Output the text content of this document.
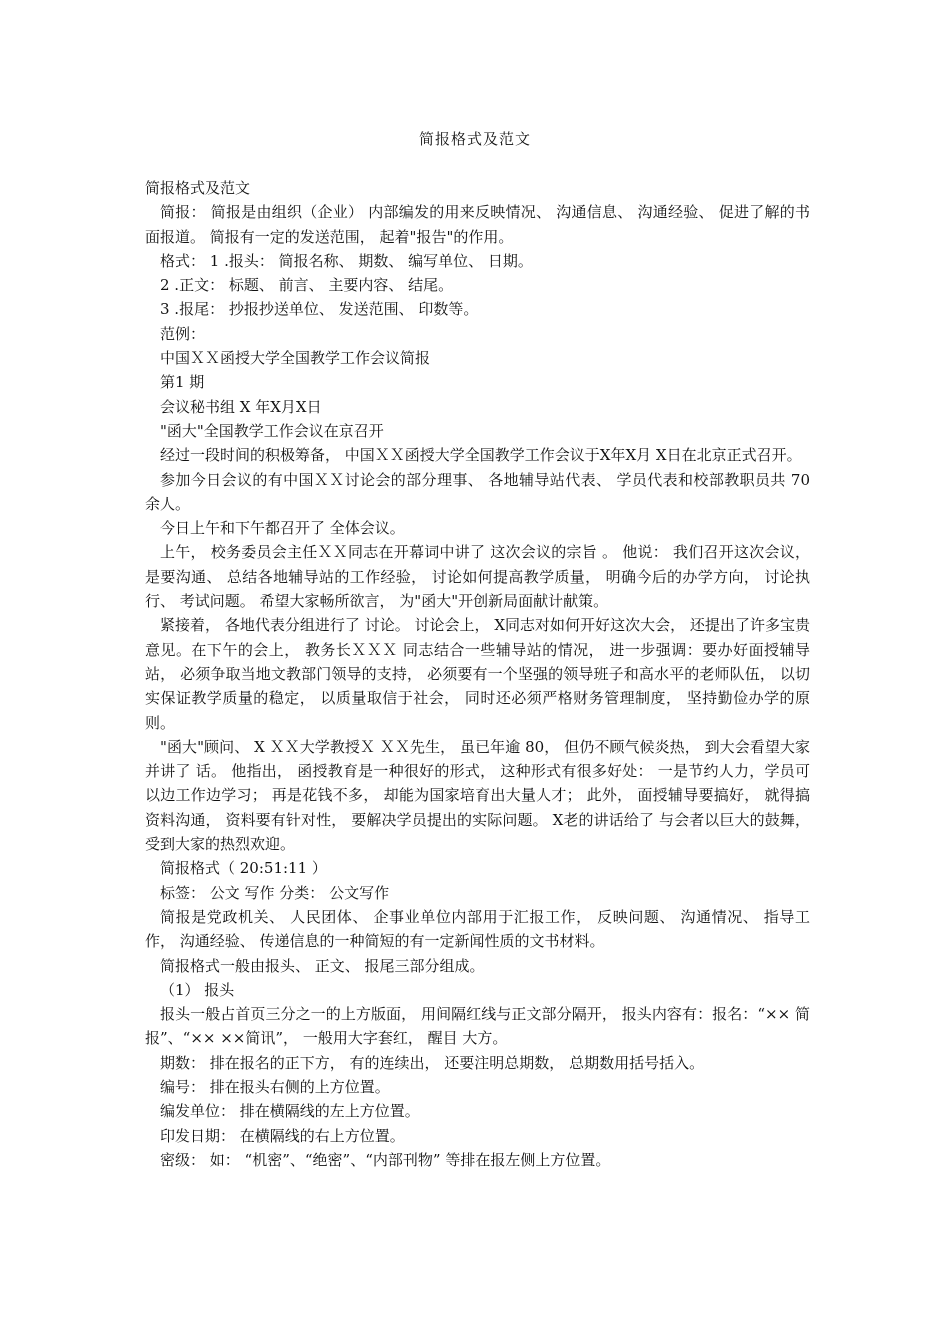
简报格式及范文

简报格式及范文

简报： 简报是由组织（企业） 内部编发的用来反映情况、 沟通信息、 沟通经验、 促进了解的书面报道。 简报有一定的发送范围， 起着"报告"的作用。

格式： 1 .报头： 简报名称、 期数、 编写单位、 日期。

2 .正文： 标题、 前言、 主要内容、 结尾。

3 .报尾： 抄报抄送单位、 发送范围、 印数等。

范例：

中国ＸＸ函授大学全国教学工作会议简报

第1 期

会议秘书组 X 年X月X日

"函大"全国教学工作会议在京召开

经过一段时间的积极筹备， 中国ＸＸ函授大学全国教学工作会议于X年X月 X日在北京正式召开。

参加今日会议的有中国ＸＸ讨论会的部分理事、 各地辅导站代表、 学员代表和校部教职员共 70 余人。

今日上午和下午都召开了 全体会议。

上午， 校务委员会主任ＸＸ同志在开幕词中讲了 这次会议的宗旨 。 他说： 我们召开这次会议， 是要沟通、 总结各地辅导站的工作经验， 讨论如何提高教学质量， 明确今后的办学方向， 讨论执行、 考试问题。 希望大家畅所欲言， 为"函大"开创新局面献计献策。

紧接着， 各地代表分组进行了 讨论。 讨论会上， X同志对如何开好这次大会， 还提出了许多宝贵意见。在下午的会上， 教务长ＸＸＸ 同志结合一些辅导站的情况， 进一步强调：要办好面授辅导站， 必须争取当地文教部门领导的支持， 必须要有一个坚强的领导班子和高水平的老师队伍， 以切实保证教学质量的稳定， 以质量取信于社会， 同时还必须严格财务管理制度， 坚持勤俭办学的原则。

"函大"顾问、 X ＸＸ大学教授Ｘ ＸＸ先生， 虽已年逾 80， 但仍不顾气候炎热， 到大会看望大家并讲了 话。 他指出， 函授教育是一种很好的形式， 这种形式有很多好处： 一是节约人力，学员可以边工作边学习； 再是花钱不多， 却能为国家培育出大量人才； 此外， 面授辅导要搞好， 就得搞资料沟通， 资料要有针对性， 要解决学员提出的实际问题。 X老的讲话给了 与会者以巨大的鼓舞， 受到大家的热烈欢迎。

简报格式（ 20:51:11 ）

标签： 公文 写作 分类： 公文写作

简报是党政机关、 人民团体、 企事业单位内部用于汇报工作， 反映问题、 沟通情况、 指导工作， 沟通经验、 传递信息的一种简短的有一定新闻性质的文书材料。

简报格式一般由报头、 正文、 报尾三部分组成。

（1） 报头

报头一般占首页三分之一的上方版面， 用间隔红线与正文部分隔开， 报头内容有：报名：“×× 简报”、“×× ××简讯”， 一般用大字套红， 醒目 大方。

期数： 排在报名的正下方， 有的连续出， 还要注明总期数， 总期数用括号括入。

编号： 排在报头右侧的上方位置。

编发单位： 排在横隔线的左上方位置。

印发日期： 在横隔线的右上方位置。

密级： 如： “机密”、“绝密”、“内部刊物” 等排在报左侧上方位置。
